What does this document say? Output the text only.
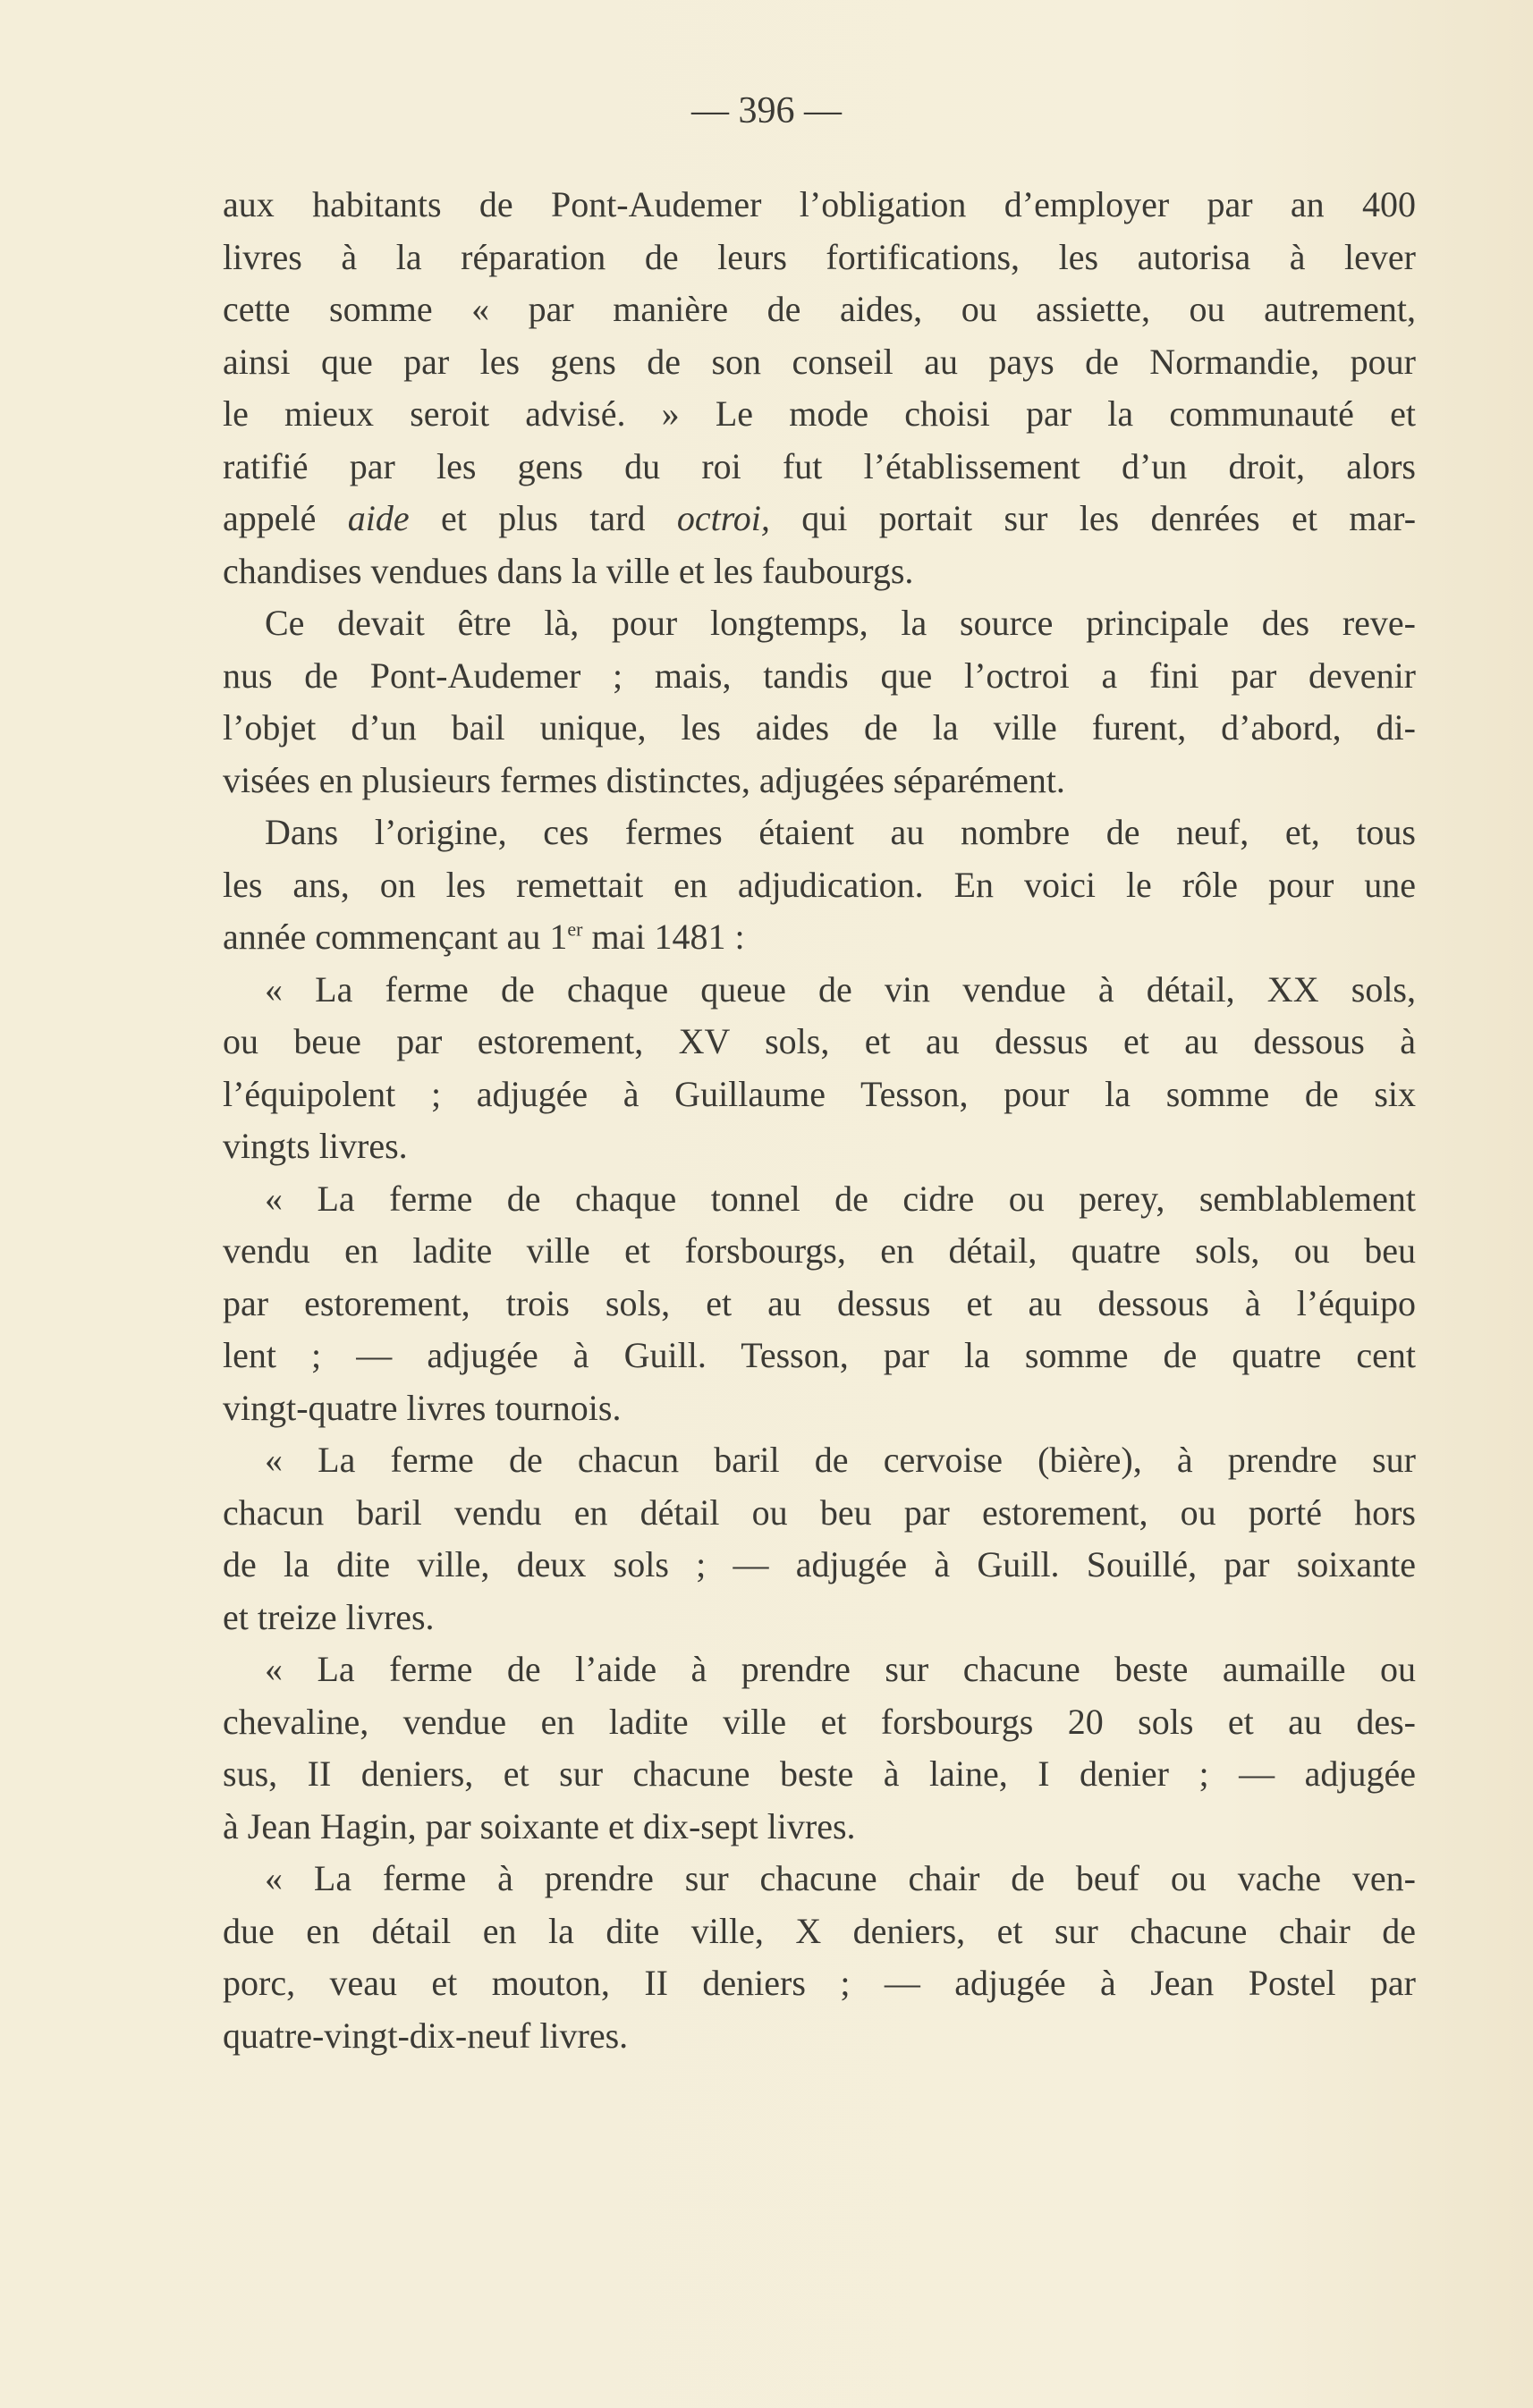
— 396 —
aux habitants de Pont-Audemer l’obligation d’employer par an 400
livres à la réparation de leurs fortifications, les autorisa à lever
cette somme « par manière de aides, ou assiette, ou autrement,
ainsi que par les gens de son conseil au pays de Normandie, pour
le mieux seroit advisé. » Le mode choisi par la communauté et
ratifié par les gens du roi fut l’établissement d’un droit, alors
appelé aide et plus tard octroi, qui portait sur les denrées et mar-
chandises vendues dans la ville et les faubourgs.
Ce devait être là, pour longtemps, la source principale des reve-
nus de Pont-Audemer ; mais, tandis que l’octroi a fini par devenir
l’objet d’un bail unique, les aides de la ville furent, d’abord, di-
visées en plusieurs fermes distinctes, adjugées séparément.
Dans l’origine, ces fermes étaient au nombre de neuf, et, tous
les ans, on les remettait en adjudication. En voici le rôle pour une
année commençant au 1er mai 1481 :
« La ferme de chaque queue de vin vendue à détail, XX sols,
ou beue par estorement, XV sols, et au dessus et au dessous à
l’équipolent ; adjugée à Guillaume Tesson, pour la somme de six
vingts livres.
« La ferme de chaque tonnel de cidre ou perey, semblablement
vendu en ladite ville et forsbourgs, en détail, quatre sols, ou beu
par estorement, trois sols, et au dessus et au dessous à l’équipo
lent ; — adjugée à Guill. Tesson, par la somme de quatre cent
vingt-quatre livres tournois.
« La ferme de chacun baril de cervoise (bière), à prendre sur
chacun baril vendu en détail ou beu par estorement, ou porté hors
de la dite ville, deux sols ; — adjugée à Guill. Souillé, par soixante
et treize livres.
« La ferme de l’aide à prendre sur chacune beste aumaille ou
chevaline, vendue en ladite ville et forsbourgs 20 sols et au des-
sus, II deniers, et sur chacune beste à laine, I denier ; — adjugée
à Jean Hagin, par soixante et dix-sept livres.
« La ferme à prendre sur chacune chair de beuf ou vache ven-
due en détail en la dite ville, X deniers, et sur chacune chair de
porc, veau et mouton, II deniers ; — adjugée à Jean Postel par
quatre-vingt-dix-neuf livres.
